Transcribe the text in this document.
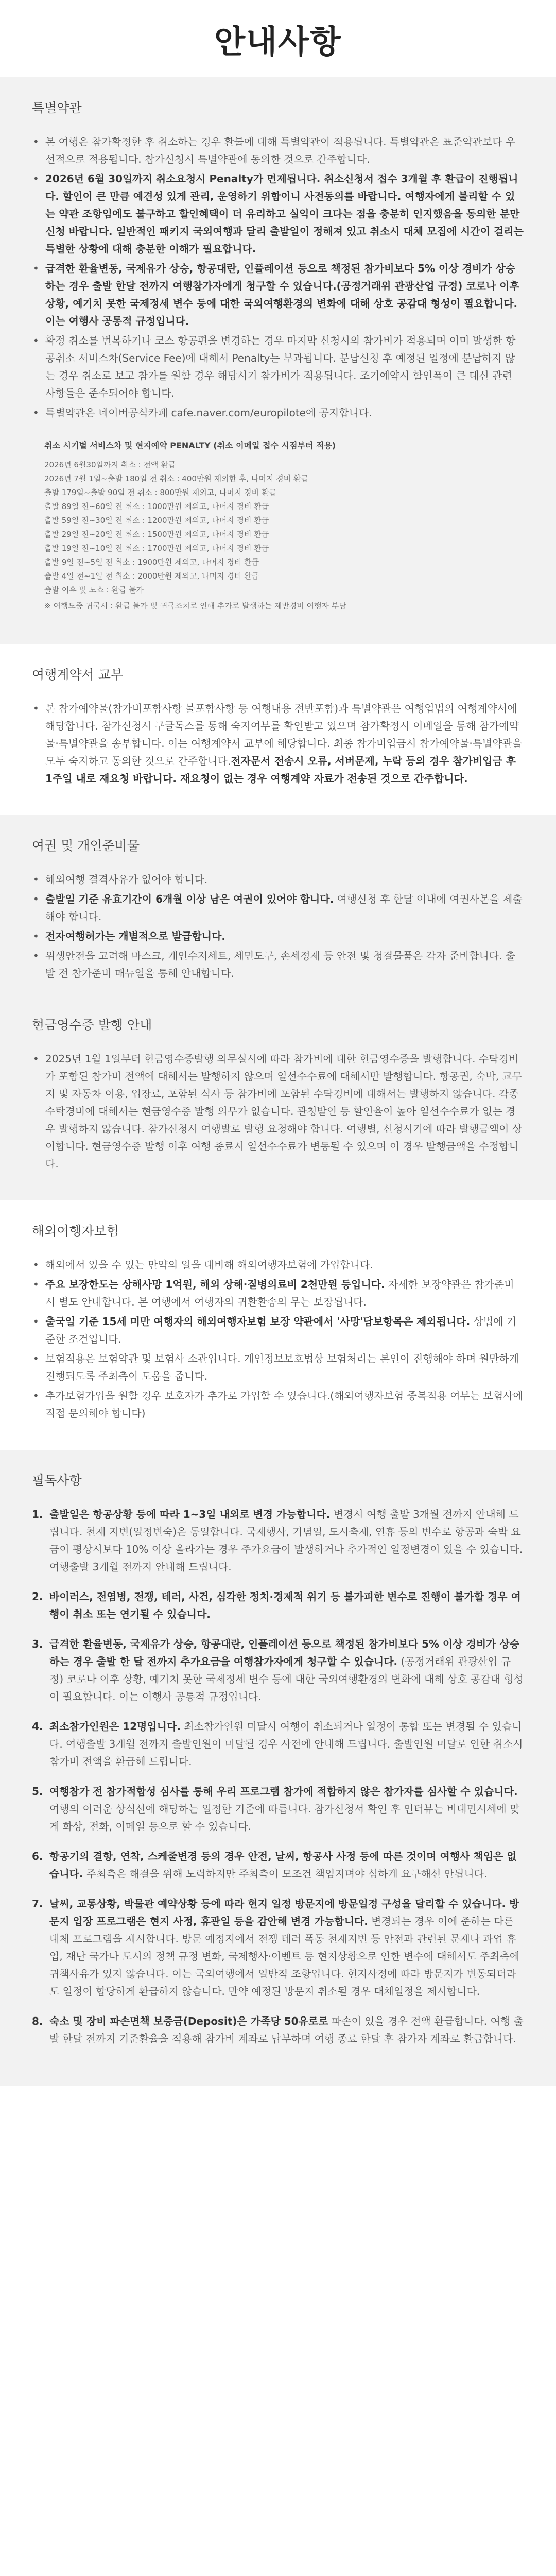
안내사항
특별약관
• 본 여행은 참가확정한 후 취소하는 경우 환불에 대해 특별약관이 적용됩니다. 특별약관은 표준약관보다 우선적으로 적용됩니다. 참가신청시 특별약관에 동의한 것으로 간주합니다.
• 2026년 6월 30일까지 취소요청시 Penalty가 면제됩니다. 취소신청서 접수 3개월 후 환급이 진행됩니다. 할인이 큰 만큼 예견성 있게 관리, 운영하기 위함이니 사전동의를 바랍니다. 여행자에게 불리할 수 있는 약관 조항임에도 불구하고 할인혜택이 더 유리하고 실익이 크다는 점을 충분히 인지했음을 동의한 분만 신청 바랍니다. 일반적인 패키지 국외여행과 달리 출발일이 정해져 있고 취소시 대체 모집에 시간이 걸리는 특별한 상황에 대해 충분한 이해가 필요합니다.
• 급격한 환율변동, 국제유가 상승, 항공대란, 인플레이션 등으로 책정된 참가비보다 5% 이상 경비가 상승하는 경우 출발 한달 전까지 여행참가자에게 청구할 수 있습니다.(공정거래위 관광산업 규정) 코로나 이후 상황, 예기치 못한 국제정세 변수 등에 대한 국외여행환경의 변화에 대해 상호 공감대 형성이 필요합니다. 이는 여행사 공통적 규정입니다.
• 확정 취소를 번복하거나 코스 항공편을 변경하는 경우 마지막 신청시의 참가비가 적용되며 이미 발생한 항공취소 서비스차(Service Fee)에 대해서 Penalty는 부과됩니다. 분납신청 후 예정된 일정에 분납하지 않는 경우 취소로 보고 참가를 원할 경우 해당시기 참가비가 적용됩니다. 조기예약시 할인폭이 큰 대신 관련 사항들은 준수되어야 합니다.
• 특별약관은 네이버공식카페 cafe.naver.com/europilote에 공지합니다.
취소 시기별 서비스차 및 현지예약 PENALTY (취소 이메일 접수 시점부터 적용)
2026년 6월30일까지 취소 : 전액 환급
2026년 7월 1일~출발 180일 전 취소 : 400만원 제외한 후, 나머지 경비 환급
출발 179일~출발 90일 전 취소 : 800만원 제외고, 나머지 경비 환급
출발 89일 전~60일 전 취소 : 1000만원 제외고, 나머지 경비 환급
출발 59일 전~30일 전 취소 : 1200만원 제외고, 나머지 경비 환급
출발 29일 전~20일 전 취소 : 1500만원 제외고, 나머지 경비 환급
출발 19일 전~10일 전 취소 : 1700만원 제외고, 나머지 경비 환급
출발 9일 전~5일 전 취소 : 1900만원 제외고, 나머지 경비 환급
출발 4일 전~1일 전 취소 : 2000만원 제외고, 나머지 경비 환급
출발 이후 및 노쇼 : 환급 불가
※ 여행도중 귀국시 : 환급 불가 및 귀국조치로 인해 추가로 발생하는 제반경비 여행자 부담
여행계약서 교부
• 본 참가예약물(참가비포함사항 불포함사항 등 여행내용 전반포함)과 특별약관은 여행업법의 여행계약서에 해당합니다. 참가신청시 구글독스를 통해 숙지여부를 확인받고 있으며 참가확정시 이메일을 통해 참가예약물·특별약관을 송부합니다. 이는 여행계약서 교부에 해당합니다. 최종 참가비입금시 참가예약물·특별약관을 모두 숙지하고 동의한 것으로 간주합니다.전자문서 전송시 오류, 서버문제, 누락 등의 경우 참가비입금 후 1주일 내로 재요청 바랍니다. 재요청이 없는 경우 여행계약 자료가 전송된 것으로 간주합니다.
여권 및 개인준비물
• 해외여행 결격사유가 없어야 합니다.
• 출발일 기준 유효기간이 6개월 이상 남은 여권이 있어야 합니다. 여행신청 후 한달 이내에 여권사본을 제출해야 합니다.
• 전자여행허가는 개별적으로 발급합니다.
• 위생안전을 고려해 마스크, 개인수저세트, 세면도구, 손세정제 등 안전 및 청결물품은 각자 준비합니다. 출발 전 참가준비 매뉴얼을 통해 안내합니다.
현금영수증 발행 안내
• 2025년 1월 1일부터 현금영수증발행 의무실시에 따라 참가비에 대한 현금영수증을 발행합니다. 수탁경비가 포함된 참가비 전액에 대해서는 발행하지 않으며 일선수수료에 대해서만 발행합니다. 항공권, 숙박, 교무지 및 자동차 이용, 입장료, 포함된 식사 등 참가비에 포함된 수탁경비에 대해서는 발행하지 않습니다. 각종 수탁경비에 대해서는 현금영수증 발행 의무가 없습니다. 관청발인 등 할인율이 높아 일선수수료가 없는 경우 발행하지 않습니다. 참가신청시 여행발로 발행 요청해야 합니다. 여행별, 신청시기에 따라 발행금액이 상이합니다. 현금영수증 발행 이후 여행 종료시 일선수수료가 변동될 수 있으며 이 경우 발행금액을 수정합니다.
해외여행자보험
• 해외에서 있을 수 있는 만약의 일을 대비해 해외여행자보험에 가입합니다.
• 주요 보장한도는 상해사망 1억원, 해외 상해·질병의료비 2천만원 등입니다. 자세한 보장약관은 참가준비 시 별도 안내합니다. 본 여행에서 여행자의 귀환환송의 무는 보장됩니다.
• 출국일 기준 15세 미만 여행자의 해외여행자보험 보장 약관에서 '사망'담보항목은 제외됩니다. 상법에 기준한 조건입니다.
• 보험적용은 보험약관 및 보험사 소관입니다. 개인정보보호법상 보험처리는 본인이 진행해야 하며 원만하게 진행되도록 주최측이 도움을 줍니다.
• 추가보험가입을 원할 경우 보호자가 추가로 가입할 수 있습니다.(해외여행자보험 중복적용 여부는 보험사에 직접 문의해야 합니다)
필독사항
1. 출발일은 항공상황 등에 따라 1~3일 내외로 변경 가능합니다. 변경시 여행 출발 3개월 전까지 안내해 드립니다. 천재 지변(일정변숙)은 동일합니다. 국제행사, 기념일, 도시축제, 연휴 등의 변수로 항공과 숙박 요금이 평상시보다 10% 이상 올라가는 경우 주가요금이 발생하거나 추가적인 일정변경이 있을 수 있습니다. 여행출발 3개월 전까지 안내해 드립니다.
2. 바이러스, 전염병, 전쟁, 테러, 사건, 심각한 정치·경제적 위기 등 불가피한 변수로 진행이 불가할 경우 여행이 취소 또는 연기될 수 있습니다.
3. 급격한 환율변동, 국제유가 상승, 항공대란, 인플레이션 등으로 책정된 참가비보다 5% 이상 경비가 상승하는 경우 출발 한 달 전까지 추가요금을 여행참가자에게 청구할 수 있습니다. (공정거래위 관광산업 규정) 코로나 이후 상황, 예기치 못한 국제정세 변수 등에 대한 국외여행환경의 변화에 대해 상호 공감대 형성이 필요합니다. 이는 여행사 공통적 규정입니다.
4. 최소참가인원은 12명입니다. 최소참가인원 미달시 여행이 취소되거나 일정이 통합 또는 변경될 수 있습니다. 여행출발 3개월 전까지 출발인원이 미달될 경우 사전에 안내해 드립니다. 출발인원 미달로 인한 취소시 참가비 전액을 환급해 드립니다.
5. 여행참가 전 참가적합성 심사를 통해 우리 프로그램 참가에 적합하지 않은 참가자를 심사할 수 있습니다. 여행의 이러운 상식선에 해당하는 일정한 기준에 따릅니다. 참가신청서 확인 후 인터뷰는 비대면시세에 맞게 화상, 전화, 이메일 등으로 할 수 있습니다.
6. 항공기의 결항, 연착, 스케줄변경 등의 경우 안전, 날씨, 항공사 사정 등에 따른 것이며 여행사 책임은 없습니다. 주최측은 해결을 위해 노력하지만 주최측이 모조건 책임지며야 심하게 요구해선 안됩니다.
7. 날씨, 교통상황, 박물관 예약상황 등에 따라 현지 일정 방문지에 방문일정 구성을 달리할 수 있습니다. 방문지 입장 프로그램은 현지 사정, 휴관일 등을 감안해 변경 가능합니다. 변경되는 경우 이에 준하는 다른 대체 프로그램을 제시합니다. 방문 예정지에서 전쟁 테러 폭동 천재지변 등 안전과 관련된 문제나 파업 휴업, 재난 국가나 도시의 정책 규정 변화, 국제행사·이벤트 등 현지상황으로 인한 변수에 대해서도 주최측에 귀책사유가 있지 않습니다. 이는 국외여행에서 일반적 조항입니다. 현지사정에 따라 방문지가 변동되더라도 일정이 합당하게 환급하지 않습니다. 만약 예정된 방문지 취소될 경우 대체일정을 제시합니다.
8. 숙소 및 장비 파손면책 보증금(Deposit)은 가족당 50유로로 파손이 있을 경우 전액 환급합니다. 여행 출발 한달 전까지 기준환율을 적용해 참가비 계좌로 납부하며 여행 종료 한달 후 참가자 계좌로 환급합니다.
